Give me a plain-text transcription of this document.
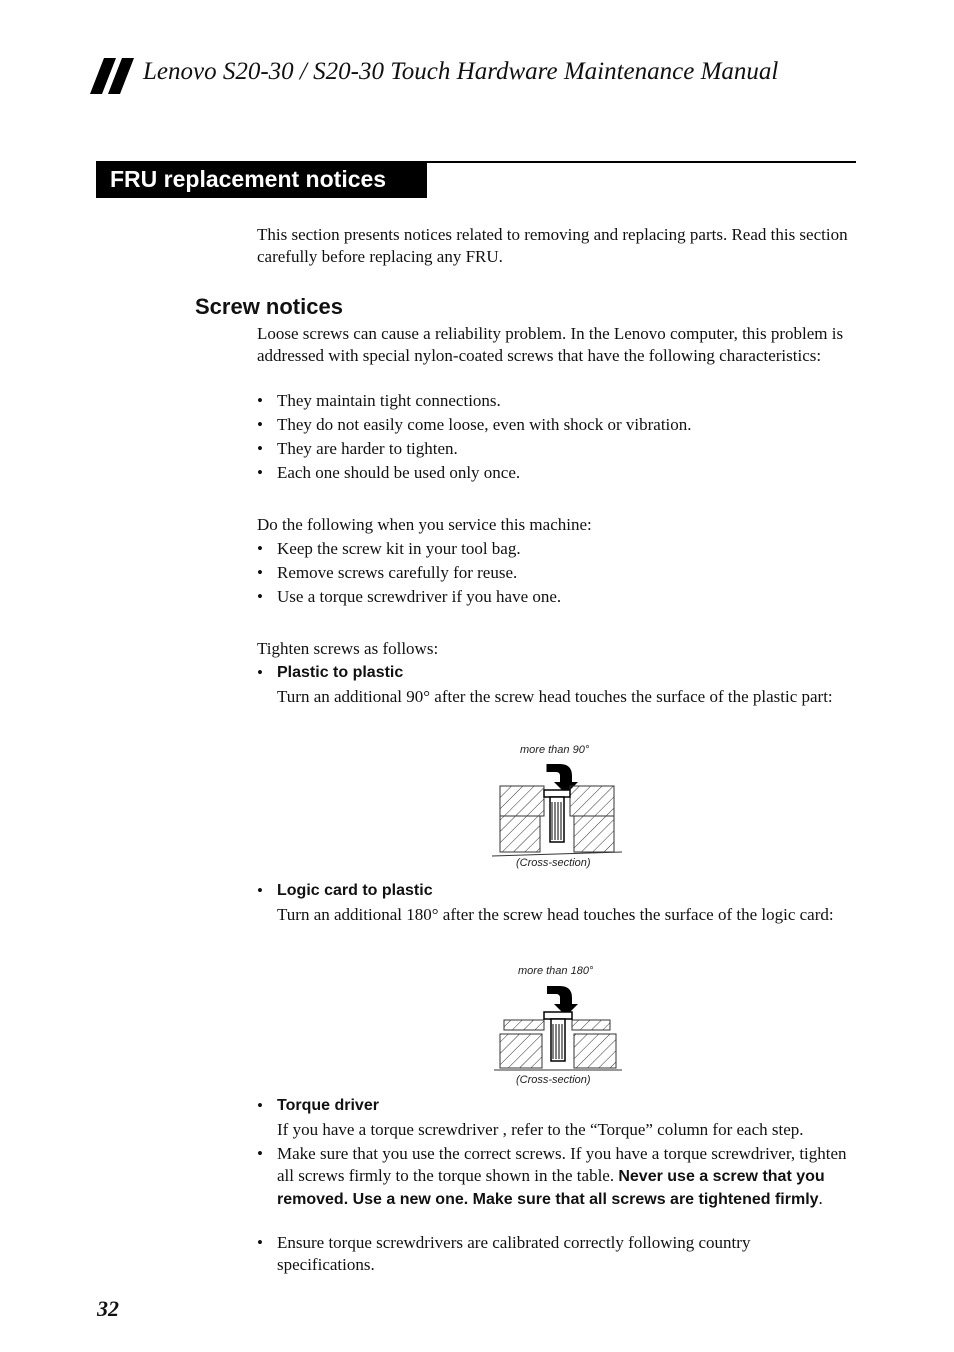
Lenovo S20-30 / S20-30 Touch Hardware Maintenance Manual
FRU replacement notices
This section presents notices related to removing and replacing parts. Read this section carefully before replacing any FRU.
Screw notices
Loose screws can cause a reliability problem. In the Lenovo computer, this problem is addressed with special nylon-coated screws that have the following characteristics:
• They maintain tight connections.
• They do not easily come loose, even with shock or vibration.
• They are harder to tighten.
• Each one should be used only once.
Do the following when you service this machine:
• Keep the screw kit in your tool bag.
• Remove screws carefully for reuse.
• Use a torque screwdriver if you have one.
Tighten screws as follows:
• Plastic to plastic
Turn an additional 90° after the screw head touches the surface of the plastic part:
more than 90°
(Cross-section)
• Logic card to plastic
Turn an additional 180° after the screw head touches the surface of the logic card:
more than 180°
(Cross-section)
• Torque driver
If you have a torque screwdriver , refer to the “Torque” column for each step.
• Make sure that you use the correct screws. If you have a torque screwdriver, tighten all screws firmly to the torque shown in the table. Never use a screw that you removed. Use a new one. Make sure that all screws are tightened firmly.
• Ensure torque screwdrivers are calibrated correctly following country specifications.
32
